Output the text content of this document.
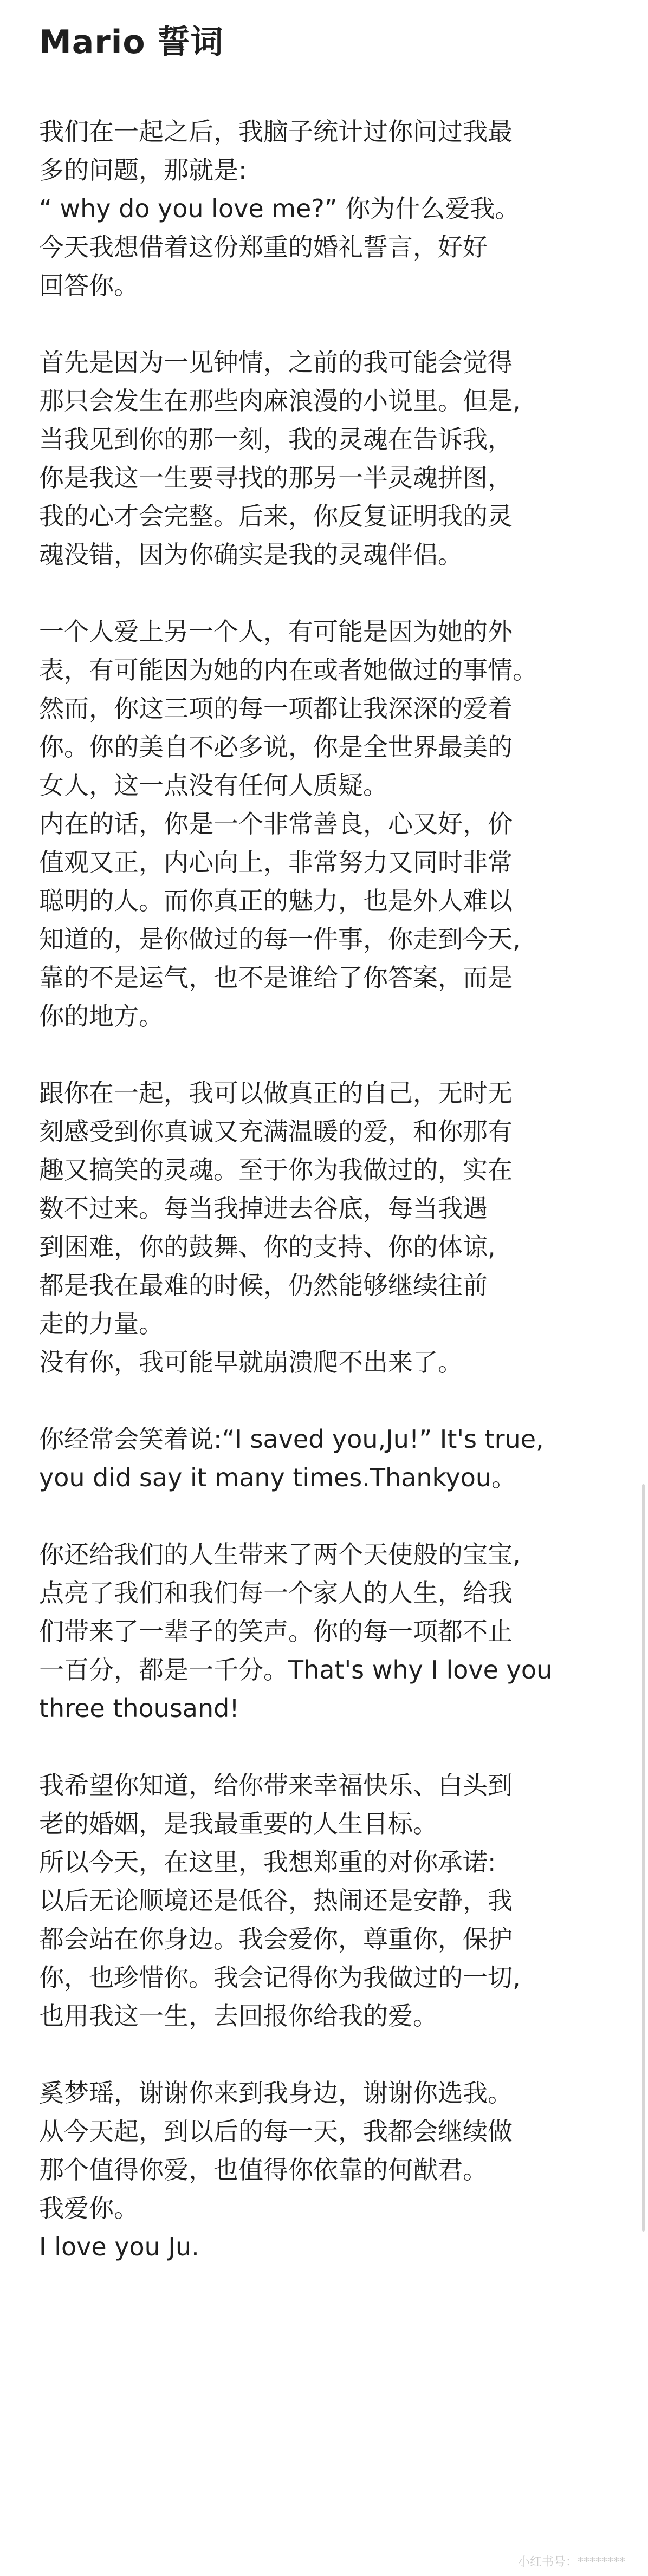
Mario 誓词
我们在一起之后，我脑子统计过你问过我最
多的问题，那就是:
“ why do you love me?” 你为什么爱我。
今天我想借着这份郑重的婚礼誓言，好好
回答你。
首先是因为一见钟情，之前的我可能会觉得
那只会发生在那些肉麻浪漫的小说里。但是,
当我见到你的那一刻，我的灵魂在告诉我，
你是我这一生要寻找的那另一半灵魂拼图，
我的心才会完整。后来，你反复证明我的灵
魂没错，因为你确实是我的灵魂伴侣。
一个人爱上另一个人，有可能是因为她的外
表，有可能因为她的内在或者她做过的事情。
然而，你这三项的每一项都让我深深的爱着
你。你的美自不必多说，你是全世界最美的
女人，这一点没有任何人质疑。
内在的话，你是一个非常善良，心又好，价
值观又正，内心向上，非常努力又同时非常
聪明的人。而你真正的魅力，也是外人难以
知道的，是你做过的每一件事，你走到今天,
靠的不是运气，也不是谁给了你答案，而是
你的地方。
跟你在一起，我可以做真正的自己，无时无
刻感受到你真诚又充满温暖的爱，和你那有
趣又搞笑的灵魂。至于你为我做过的，实在
数不过来。每当我掉进去谷底，每当我遇
到困难，你的鼓舞、你的支持、你的体谅,
都是我在最难的时候，仍然能够继续往前
走的力量。
没有你，我可能早就崩溃爬不出来了。
你经常会笑着说:“I saved you,Ju!” It's true,
you did say it many times.Thankyou。
你还给我们的人生带来了两个天使般的宝宝,
点亮了我们和我们每一个家人的人生，给我
们带来了一辈子的笑声。你的每一项都不止
一百分，都是一千分。That's why I love you
three thousand!
我希望你知道，给你带来幸福快乐、白头到
老的婚姻，是我最重要的人生目标。
所以今天，在这里，我想郑重的对你承诺:
以后无论顺境还是低谷，热闹还是安静，我
都会站在你身边。我会爱你，尊重你，保护
你，也珍惜你。我会记得你为我做过的一切,
也用我这一生，去回报你给我的爱。
奚梦瑶，谢谢你来到我身边，谢谢你选我。
从今天起，到以后的每一天，我都会继续做
那个值得你爱，也值得你依靠的何猷君。
我爱你。
I love you Ju.
小红书号：********
